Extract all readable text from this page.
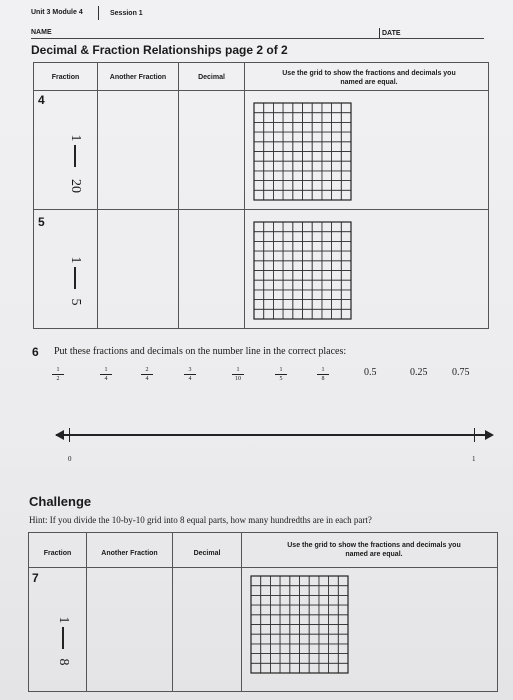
Unit 3 Module 4	Session 1
NAME	DATE
Decimal & Fraction Relationships page 2 of 2
Fraction	Another Fraction	Decimal
Use the grid to show the fractions and decimals you named are equal.
4
1
20
5
1
5
6 Put these fractions and decimals on the number line in the correct places:
1
2
1
4
2
4
3
4
1
10
1
5
1
8
0.5	0.25 0.75
0	1
Challenge
Hint: If you divide the 10-by-10 grid into 8 equal parts, how many hundredths are in each part?
Fraction	Another Fraction	Decimal
Use the grid to show the fractions and decimals you named are equal.
7
1
8
